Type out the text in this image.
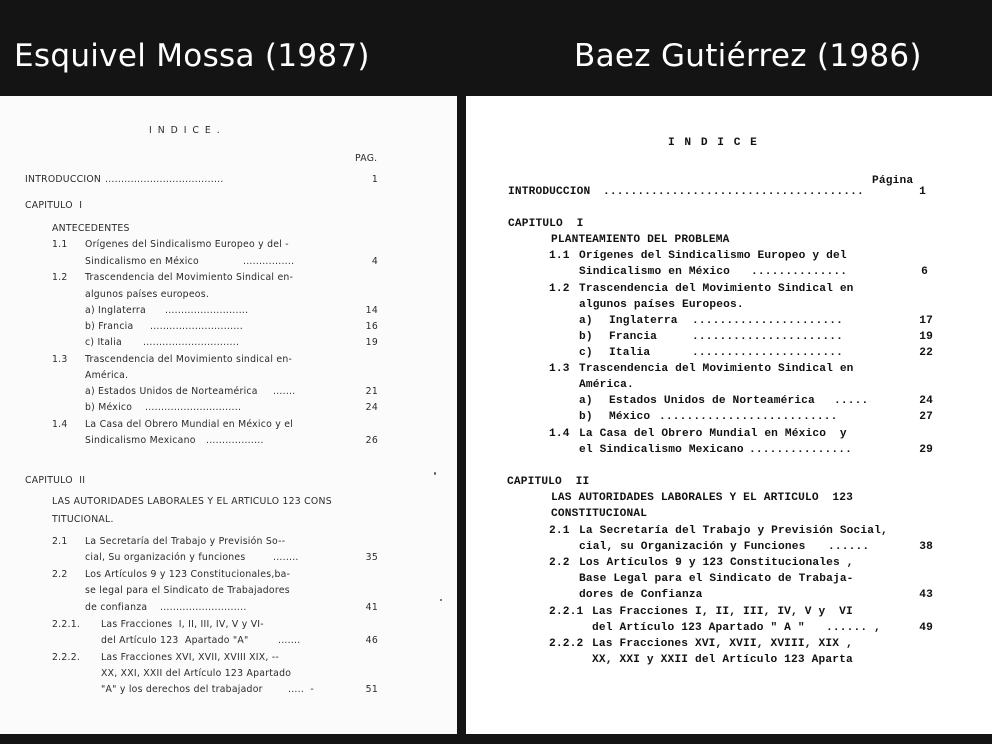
Esquivel Mossa (1987)	Baez Gutiérrez (1986)
I N D I C E .
PAG.
INTRODUCCION .....................................	1
CAPITULO  I
ANTECEDENTES
1.1 Orígenes del Sindicalismo Europeo y del -
Sindicalismo en México	................	4
1.2 Trascendencia del Movimiento Sindical en-
algunos países europeos.
a) Inglaterra ..........................	14
b) Francia .............................	16
c) Italia ..............................	19
1.3 Trascendencia del Movimiento sindical en-
América.
a) Estados Unidos de Norteamérica .......	21
b) México ..............................	24
1.4 La Casa del Obrero Mundial en México y el
Sindicalismo Mexicano ..................	26
CAPITULO  II
LAS AUTORIDADES LABORALES Y EL ARTICULO 123 CONS
TITUCIONAL.
2.1 La Secretaría del Trabajo y Previsión So--
cial, Su organización y funciones	........	35
2.2 Los Artículos 9 y 123 Constitucionales,ba-
se legal para el Sindicato de Trabajadores
de confianza ...........................	41
2.2.1. Las Fracciones  I, II, III, IV, V y VI-
del Artículo 123  Apartado "A"	.......	46
2.2.2. Las Fracciones XVI, XVII, XVIII XIX, --
XX, XXI, XXII del Artículo 123 Apartado
"A" y los derechos del trabajador	.....  -	51
I N D I C E
Página
INTRODUCCION ......................................	1
CAPITULO  I
PLANTEAMIENTO DEL PROBLEMA
1.1 Orígenes del Sindicalismo Europeo y del
Sindicalismo en México ..............	6
1.2 Trascendencia del Movimiento Sindical en
algunos países Europeos.
a) Inglaterra ......................	17
b) Francia	......................	19
c) Italia	......................	22
1.3 Trascendencia del Movimiento Sindical en
América.
a) Estados Unidos de Norteamérica .....	24
b) México ..........................	27
1.4 La Casa del Obrero Mundial en México  y
el Sindicalismo Mexicano ...............	29
CAPITULO  II
LAS AUTORIDADES LABORALES Y EL ARTICULO  123
CONSTITUCIONAL
2.1 La Secretaría del Trabajo y Previsión Social,
cial, su Organización y Funciones ......	38
2.2 Los Artículos 9 y 123 Constitucionales ,
Base Legal para el Sindicato de Trabaja-
dores de Confianza	43
2.2.1 Las Fracciones I, II, III, IV, V y  VI
del Artículo 123 Apartado " A " ...... ,	49
2.2.2 Las Fracciones XVI, XVII, XVIII, XIX ,
XX, XXI y XXII del Artículo 123 Aparta
